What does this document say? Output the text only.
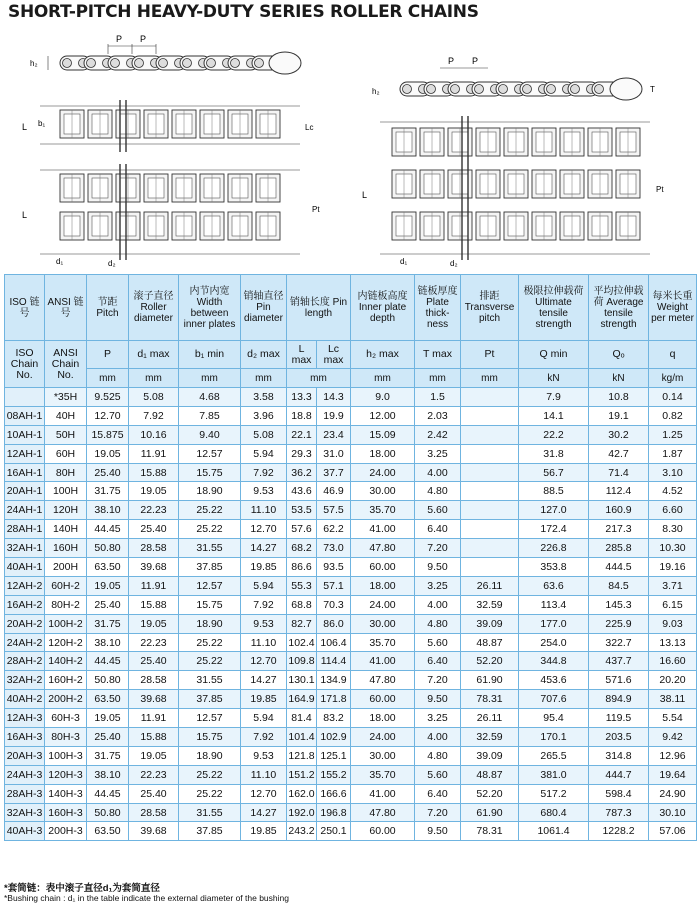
SHORT-PITCH HEAVY-DUTY SERIES ROLLER CHAINS
P P
h₂
L b₁	Lc
L
Pt
d₁	d₂
P P
h₂	T
L
Pt
d₁	d₂
ISO 链号	ANSI 链号	节距 Pitch	滚子直径 Roller diameter	内节内宽 Width between inner plates	销轴直径 Pin diameter	销轴长度 Pin length		内链板高度 Inner plate depth	链板厚度 Plate thick-ness	排距 Transverse pitch	极限拉伸载荷 Ultimate tensile strength	平均拉伸载荷 Average tensile strength	每米长重 Weight per meter
ISO Chain No.	ANSI Chain No.	P	d₁ max	b₁ min	d₂ max	L max	Lc max	h₂ max	T max	Pt	Q min	Qₒ	q
		mm	mm	mm	mm	mm		mm	mm	mm	kN	kN	kg/m
	*35H	9.525	5.08	4.68	3.58	13.3	14.3	9.0	1.5		7.9	10.8	0.14
08AH-1	40H	12.70	7.92	7.85	3.96	18.8	19.9	12.00	2.03		14.1	19.1	0.82
10AH-1	50H	15.875	10.16	9.40	5.08	22.1	23.4	15.09	2.42		22.2	30.2	1.25
12AH-1	60H	19.05	11.91	12.57	5.94	29.3	31.0	18.00	3.25		31.8	42.7	1.87
16AH-1	80H	25.40	15.88	15.75	7.92	36.2	37.7	24.00	4.00		56.7	71.4	3.10
20AH-1	100H	31.75	19.05	18.90	9.53	43.6	46.9	30.00	4.80		88.5	112.4	4.52
24AH-1	120H	38.10	22.23	25.22	11.10	53.5	57.5	35.70	5.60		127.0	160.9	6.60
28AH-1	140H	44.45	25.40	25.22	12.70	57.6	62.2	41.00	6.40		172.4	217.3	8.30
32AH-1	160H	50.80	28.58	31.55	14.27	68.2	73.0	47.80	7.20		226.8	285.8	10.30
40AH-1	200H	63.50	39.68	37.85	19.85	86.6	93.5	60.00	9.50		353.8	444.5	19.16
12AH-2	60H-2	19.05	11.91	12.57	5.94	55.3	57.1	18.00	3.25	26.11	63.6	84.5	3.71
16AH-2	80H-2	25.40	15.88	15.75	7.92	68.8	70.3	24.00	4.00	32.59	113.4	145.3	6.15
20AH-2	100H-2	31.75	19.05	18.90	9.53	82.7	86.0	30.00	4.80	39.09	177.0	225.9	9.03
24AH-2	120H-2	38.10	22.23	25.22	11.10	102.4	106.4	35.70	5.60	48.87	254.0	322.7	13.13
28AH-2	140H-2	44.45	25.40	25.22	12.70	109.8	114.4	41.00	6.40	52.20	344.8	437.7	16.60
32AH-2	160H-2	50.80	28.58	31.55	14.27	130.1	134.9	47.80	7.20	61.90	453.6	571.6	20.20
40AH-2	200H-2	63.50	39.68	37.85	19.85	164.9	171.8	60.00	9.50	78.31	707.6	894.9	38.11
12AH-3	60H-3	19.05	11.91	12.57	5.94	81.4	83.2	18.00	3.25	26.11	95.4	119.5	5.54
16AH-3	80H-3	25.40	15.88	15.75	7.92	101.4	102.9	24.00	4.00	32.59	170.1	203.5	9.42
20AH-3	100H-3	31.75	19.05	18.90	9.53	121.8	125.1	30.00	4.80	39.09	265.5	314.8	12.96
24AH-3	120H-3	38.10	22.23	25.22	11.10	151.2	155.2	35.70	5.60	48.87	381.0	444.7	19.64
28AH-3	140H-3	44.45	25.40	25.22	12.70	162.0	166.6	41.00	6.40	52.20	517.2	598.4	24.90
32AH-3	160H-3	50.80	28.58	31.55	14.27	192.0	196.8	47.80	7.20	61.90	680.4	787.3	30.10
40AH-3	200H-3	63.50	39.68	37.85	19.85	243.2	250.1	60.00	9.50	78.31	1061.4	1228.2	57.06
*套筒链：表中滚子直径d₁为套筒直径
*Bushing chain : d₁ in the table indicate the external diameter of the bushing
